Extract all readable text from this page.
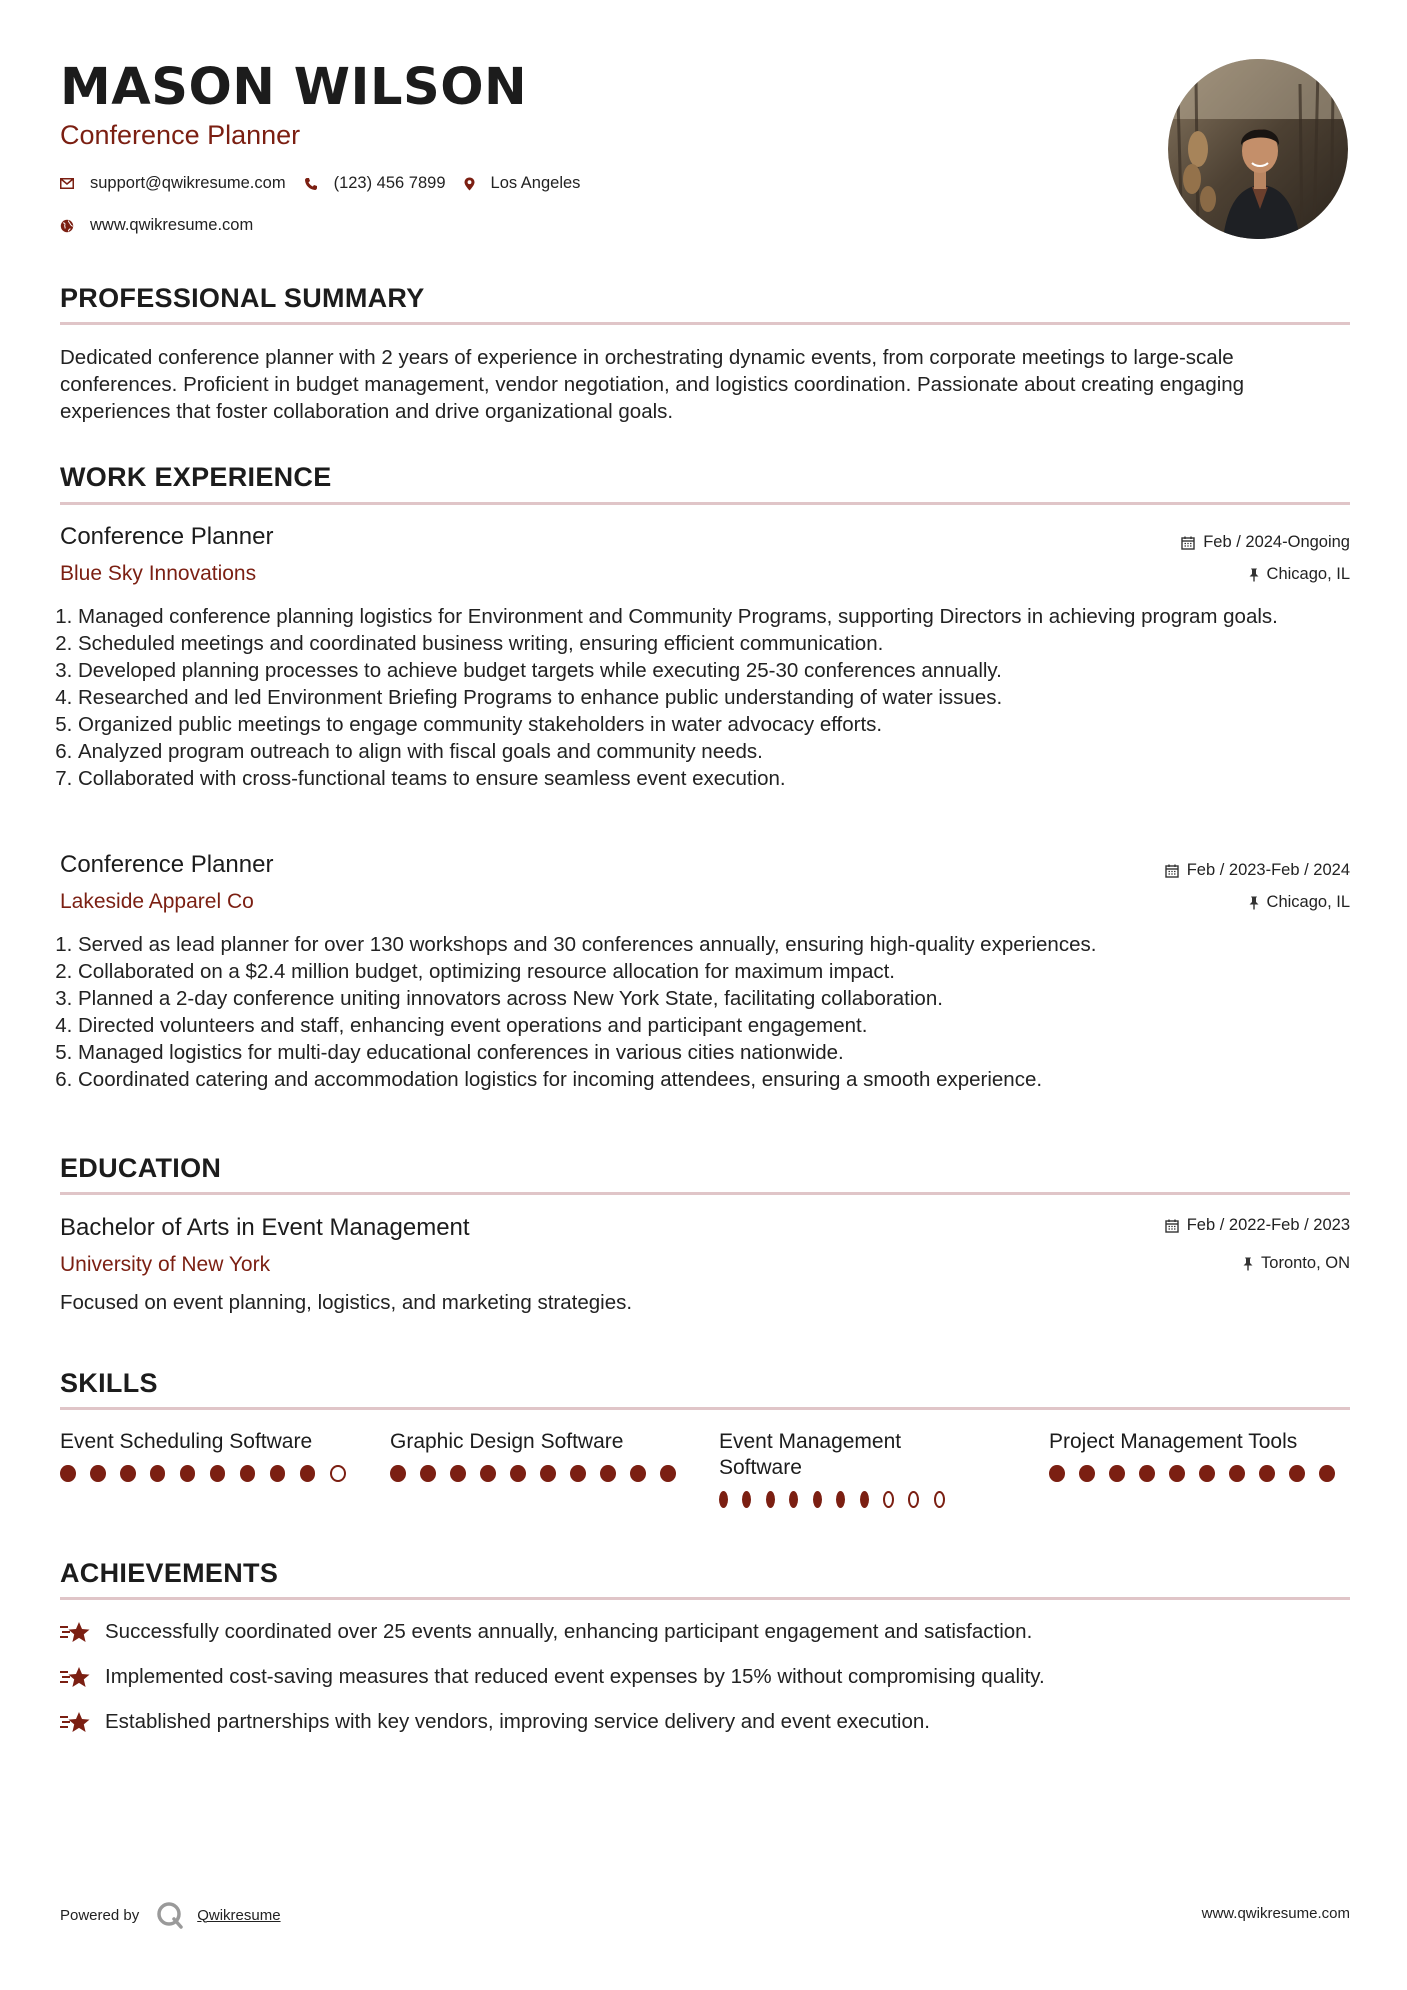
MASON WILSON
Conference Planner
support@qwikresume.com	(123) 456 7899	Los Angeles
www.qwikresume.com
PROFESSIONAL SUMMARY
Dedicated conference planner with 2 years of experience in orchestrating dynamic events, from corporate meetings to large-scale conferences. Proficient in budget management, vendor negotiation, and logistics coordination. Passionate about creating engaging experiences that foster collaboration and drive organizational goals.
WORK EXPERIENCE
Conference Planner
Blue Sky Innovations
Feb / 2024-Ongoing
Chicago, IL
1. Managed conference planning logistics for Environment and Community Programs, supporting Directors in achieving program goals.
2. Scheduled meetings and coordinated business writing, ensuring efficient communication.
3. Developed planning processes to achieve budget targets while executing 25-30 conferences annually.
4. Researched and led Environment Briefing Programs to enhance public understanding of water issues.
5. Organized public meetings to engage community stakeholders in water advocacy efforts.
6. Analyzed program outreach to align with fiscal goals and community needs.
7. Collaborated with cross-functional teams to ensure seamless event execution.
Conference Planner
Lakeside Apparel Co
Feb / 2023-Feb / 2024
Chicago, IL
1. Served as lead planner for over 130 workshops and 30 conferences annually, ensuring high-quality experiences.
2. Collaborated on a $2.4 million budget, optimizing resource allocation for maximum impact.
3. Planned a 2-day conference uniting innovators across New York State, facilitating collaboration.
4. Directed volunteers and staff, enhancing event operations and participant engagement.
5. Managed logistics for multi-day educational conferences in various cities nationwide.
6. Coordinated catering and accommodation logistics for incoming attendees, ensuring a smooth experience.
EDUCATION
Bachelor of Arts in Event Management
University of New York
Feb / 2022-Feb / 2023
Toronto, ON
Focused on event planning, logistics, and marketing strategies.
SKILLS
Event Scheduling Software	Graphic Design Software	Event Management Software
Project Management Tools
ACHIEVEMENTS
Successfully coordinated over 25 events annually, enhancing participant engagement and satisfaction.
Implemented cost-saving measures that reduced event expenses by 15% without compromising quality.
Established partnerships with key vendors, improving service delivery and event execution.
Powered by	Qwikresume	www.qwikresume.com
